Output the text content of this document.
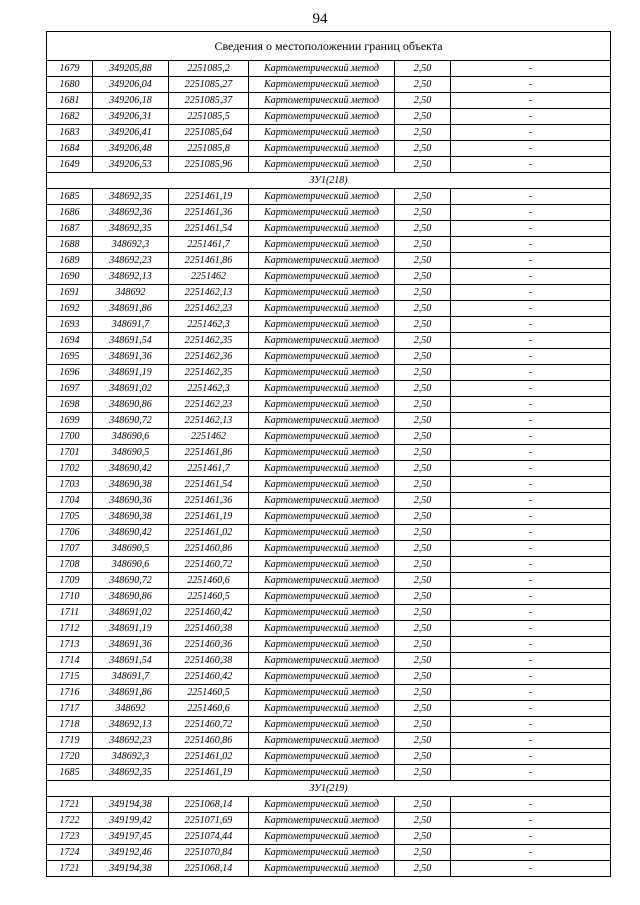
94
Сведения о местоположении границ объекта					
1679	349205,88	2251085,2	Картометрический метод	2,50	-
1680	349206,04	2251085,27	Картометрический метод	2,50	-
1681	349206,18	2251085,37	Картометрический метод	2,50	-
1682	349206,31	2251085,5	Картометрический метод	2,50	-
1683	349206,41	2251085,64	Картометрический метод	2,50	-
1684	349206,48	2251085,8	Картометрический метод	2,50	-
1649	349206,53	2251085,96	Картометрический метод	2,50	-
ЗУ1(218)					
1685	348692,35	2251461,19	Картометрический метод	2,50	-
1686	348692,36	2251461,36	Картометрический метод	2,50	-
1687	348692,35	2251461,54	Картометрический метод	2,50	-
1688	348692,3	2251461,7	Картометрический метод	2,50	-
1689	348692,23	2251461,86	Картометрический метод	2,50	-
1690	348692,13	2251462	Картометрический метод	2,50	-
1691	348692	2251462,13	Картометрический метод	2,50	-
1692	348691,86	2251462,23	Картометрический метод	2,50	-
1693	348691,7	2251462,3	Картометрический метод	2,50	-
1694	348691,54	2251462,35	Картометрический метод	2,50	-
1695	348691,36	2251462,36	Картометрический метод	2,50	-
1696	348691,19	2251462,35	Картометрический метод	2,50	-
1697	348691,02	2251462,3	Картометрический метод	2,50	-
1698	348690,86	2251462,23	Картометрический метод	2,50	-
1699	348690,72	2251462,13	Картометрический метод	2,50	-
1700	348690,6	2251462	Картометрический метод	2,50	-
1701	348690,5	2251461,86	Картометрический метод	2,50	-
1702	348690,42	2251461,7	Картометрический метод	2,50	-
1703	348690,38	2251461,54	Картометрический метод	2,50	-
1704	348690,36	2251461,36	Картометрический метод	2,50	-
1705	348690,38	2251461,19	Картометрический метод	2,50	-
1706	348690,42	2251461,02	Картометрический метод	2,50	-
1707	348690,5	2251460,86	Картометрический метод	2,50	-
1708	348690,6	2251460,72	Картометрический метод	2,50	-
1709	348690,72	2251460,6	Картометрический метод	2,50	-
1710	348690,86	2251460,5	Картометрический метод	2,50	-
1711	348691,02	2251460,42	Картометрический метод	2,50	-
1712	348691,19	2251460,38	Картометрический метод	2,50	-
1713	348691,36	2251460,36	Картометрический метод	2,50	-
1714	348691,54	2251460,38	Картометрический метод	2,50	-
1715	348691,7	2251460,42	Картометрический метод	2,50	-
1716	348691,86	2251460,5	Картометрический метод	2,50	-
1717	348692	2251460,6	Картометрический метод	2,50	-
1718	348692,13	2251460,72	Картометрический метод	2,50	-
1719	348692,23	2251460,86	Картометрический метод	2,50	-
1720	348692,3	2251461,02	Картометрический метод	2,50	-
1685	348692,35	2251461,19	Картометрический метод	2,50	-
ЗУ1(219)					
1721	349194,38	2251068,14	Картометрический метод	2,50	-
1722	349199,42	2251071,69	Картометрический метод	2,50	-
1723	349197,45	2251074,44	Картометрический метод	2,50	-
1724	349192,46	2251070,84	Картометрический метод	2,50	-
1721	349194,38	2251068,14	Картометрический метод	2,50	-
